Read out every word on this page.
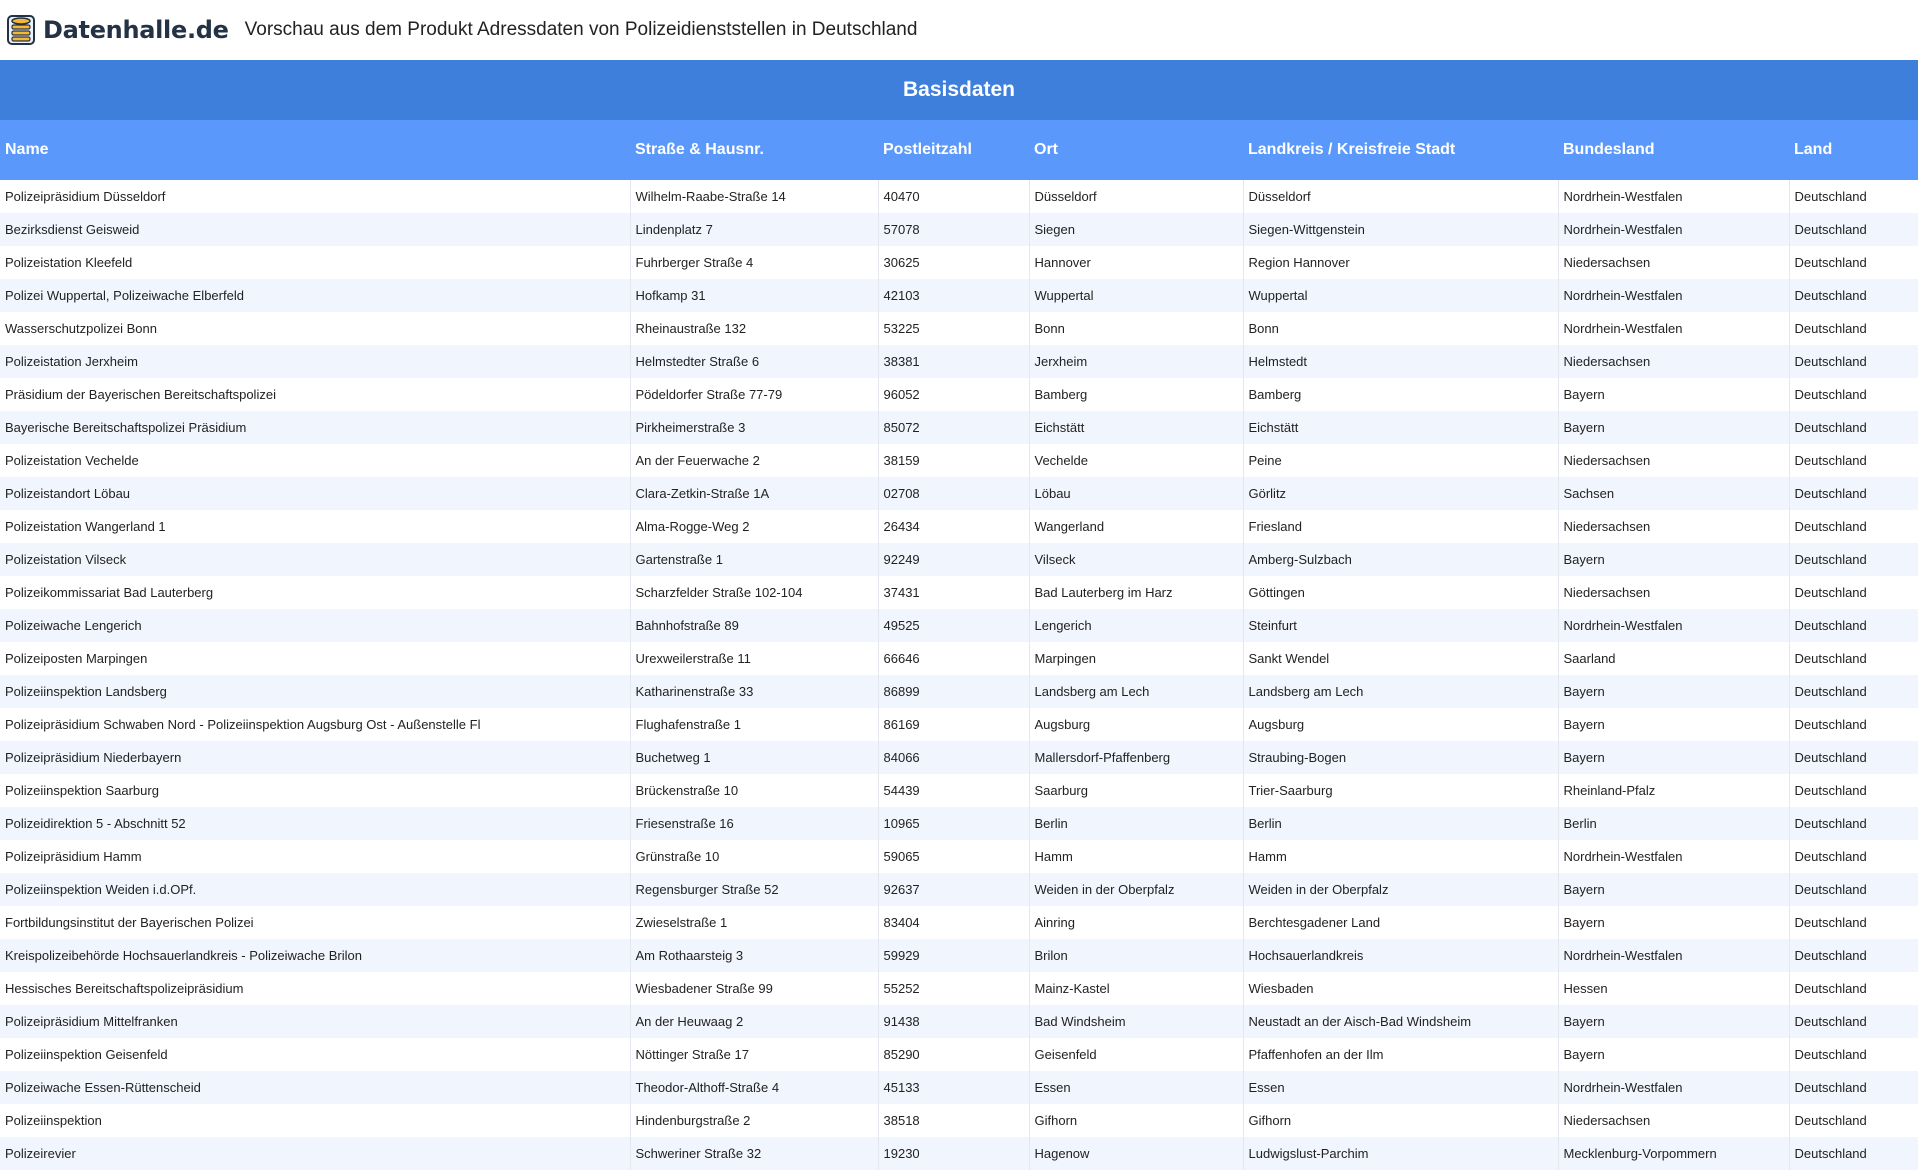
Datenhalle.de Vorschau aus dem Produkt Adressdaten von Polizeidienststellen in Deutschland
Basisdaten
Name	Straße & Hausnr.	Postleitzahl	Ort	Landkreis / Kreisfreie Stadt	Bundesland	Land
Polizeipräsidium Düsseldorf	Wilhelm-Raabe-Straße 14	40470	Düsseldorf	Düsseldorf	Nordrhein-Westfalen	Deutschland
Bezirksdienst Geisweid	Lindenplatz 7	57078	Siegen	Siegen-Wittgenstein	Nordrhein-Westfalen	Deutschland
Polizeistation Kleefeld	Fuhrberger Straße 4	30625	Hannover	Region Hannover	Niedersachsen	Deutschland
Polizei Wuppertal, Polizeiwache Elberfeld	Hofkamp 31	42103	Wuppertal	Wuppertal	Nordrhein-Westfalen	Deutschland
Wasserschutzpolizei Bonn	Rheinaustraße 132	53225	Bonn	Bonn	Nordrhein-Westfalen	Deutschland
Polizeistation Jerxheim	Helmstedter Straße 6	38381	Jerxheim	Helmstedt	Niedersachsen	Deutschland
Präsidium der Bayerischen Bereitschaftspolizei	Pödeldorfer Straße 77-79	96052	Bamberg	Bamberg	Bayern	Deutschland
Bayerische Bereitschaftspolizei Präsidium	Pirkheimerstraße 3	85072	Eichstätt	Eichstätt	Bayern	Deutschland
Polizeistation Vechelde	An der Feuerwache 2	38159	Vechelde	Peine	Niedersachsen	Deutschland
Polizeistandort Löbau	Clara-Zetkin-Straße 1A	02708	Löbau	Görlitz	Sachsen	Deutschland
Polizeistation Wangerland 1	Alma-Rogge-Weg 2	26434	Wangerland	Friesland	Niedersachsen	Deutschland
Polizeistation Vilseck	Gartenstraße 1	92249	Vilseck	Amberg-Sulzbach	Bayern	Deutschland
Polizeikommissariat Bad Lauterberg	Scharzfelder Straße 102-104	37431	Bad Lauterberg im Harz	Göttingen	Niedersachsen	Deutschland
Polizeiwache Lengerich	Bahnhofstraße 89	49525	Lengerich	Steinfurt	Nordrhein-Westfalen	Deutschland
Polizeiposten Marpingen	Urexweilerstraße 11	66646	Marpingen	Sankt Wendel	Saarland	Deutschland
Polizeiinspektion Landsberg	Katharinenstraße 33	86899	Landsberg am Lech	Landsberg am Lech	Bayern	Deutschland
Polizeipräsidium Schwaben Nord - Polizeiinspektion Augsburg Ost - Außenstelle Fl	Flughafenstraße 1	86169	Augsburg	Augsburg	Bayern	Deutschland
Polizeipräsidium Niederbayern	Buchetweg 1	84066	Mallersdorf-Pfaffenberg	Straubing-Bogen	Bayern	Deutschland
Polizeiinspektion Saarburg	Brückenstraße 10	54439	Saarburg	Trier-Saarburg	Rheinland-Pfalz	Deutschland
Polizeidirektion 5 - Abschnitt 52	Friesenstraße 16	10965	Berlin	Berlin	Berlin	Deutschland
Polizeipräsidium Hamm	Grünstraße 10	59065	Hamm	Hamm	Nordrhein-Westfalen	Deutschland
Polizeiinspektion Weiden i.d.OPf.	Regensburger Straße 52	92637	Weiden in der Oberpfalz	Weiden in der Oberpfalz	Bayern	Deutschland
Fortbildungsinstitut der Bayerischen Polizei	Zwieselstraße 1	83404	Ainring	Berchtesgadener Land	Bayern	Deutschland
Kreispolizeibehörde Hochsauerlandkreis - Polizeiwache Brilon	Am Rothaarsteig 3	59929	Brilon	Hochsauerlandkreis	Nordrhein-Westfalen	Deutschland
Hessisches Bereitschaftspolizeipräsidium	Wiesbadener Straße 99	55252	Mainz-Kastel	Wiesbaden	Hessen	Deutschland
Polizeipräsidium Mittelfranken	An der Heuwaag 2	91438	Bad Windsheim	Neustadt an der Aisch-Bad Windsheim	Bayern	Deutschland
Polizeiinspektion Geisenfeld	Nöttinger Straße 17	85290	Geisenfeld	Pfaffenhofen an der Ilm	Bayern	Deutschland
Polizeiwache Essen-Rüttenscheid	Theodor-Althoff-Straße 4	45133	Essen	Essen	Nordrhein-Westfalen	Deutschland
Polizeiinspektion	Hindenburgstraße 2	38518	Gifhorn	Gifhorn	Niedersachsen	Deutschland
Polizeirevier	Schweriner Straße 32	19230	Hagenow	Ludwigslust-Parchim	Mecklenburg-Vorpommern	Deutschland
